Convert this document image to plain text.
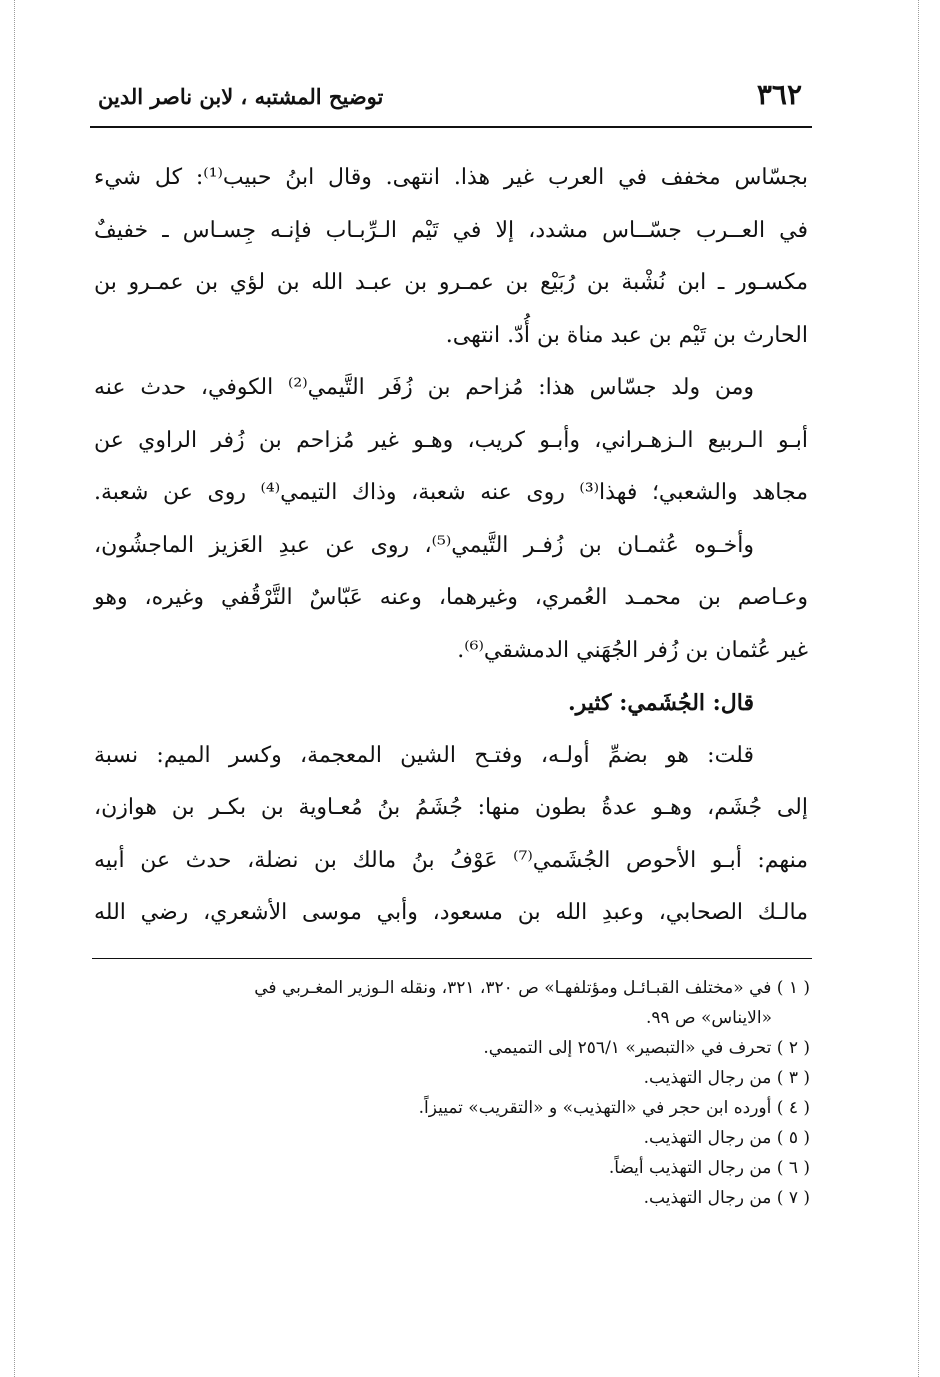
٣٦٢
توضيح المشتبه ، لابن ناصر الدين
بجسّاس مخفف في العرب غير هذا. انتهى. وقال ابنُ حبيب⁽¹⁾: كل شيء
في العــرب جسّــاس مشدد، إلا في تَيْم الـرِّبـاب فإنـه جِسـاس ـ خفيفٌ
مكسـور ـ ابن نُشْبة بن رُبَيْع بن عمـرو بن عبـد الله بن لؤي بن عمـرو بن
الحارث بن تَيْم بن عبد مناة بن أُدّ. انتهى.
ومن ولد جسّاس هذا: مُزاحم بن زُفَر التَّيمي⁽²⁾ الكوفي، حدث عنه
أبـو الـربيع الـزهـراني، وأبـو كريب، وهـو غير مُزاحم بن زُفر الراوي عن
مجاهد والشعبي؛ فهذا⁽³⁾ روى عنه شعبة، وذاك التيمي⁽⁴⁾ روى عن شعبة.
وأخـوه عُثمـان بن زُفـر التَّيمي⁽⁵⁾، روى عن عبدِ العَزيز الماجشُون،
وعـاصم بن محمـد العُمري، وغيرهما، وعنه عَبّاسٌ التَّرْقُفي وغيره، وهو
غير عُثمان بن زُفر الجُهَني الدمشقي⁽⁶⁾.
قال: الجُشَمي: كثير.
قلت: هو بضمِّ أولـه، وفتـح الشين المعجمة، وكسر الميم: نسبة
إلى جُشَم، وهـو عدةُ بطون منها: جُشَمُ بنُ مُعـاوية بن بكـر بن هوازن،
منهم: أبـو الأحوص الجُشَمي⁽⁷⁾ عَوْفُ بنُ مالك بن نضلة، حدث عن أبيه
مالـك الصحابي، وعبدِ الله بن مسعود، وأبي موسى الأشعري، رضي الله
( ١ ) في «مختلف القبـائـل ومؤتلفهـا» ص ٣٢٠، ٣٢١، ونقله الـوزير المغـربي في
«الايناس» ص ٩٩.
( ٢ ) تحرف في «التبصير» ٢٥٦/١ إلى التميمي.
( ٣ ) من رجال التهذيب.
( ٤ ) أورده ابن حجر في «التهذيب» و «التقريب» تمييزاً.
( ٥ ) من رجال التهذيب.
( ٦ ) من رجال التهذيب أيضاً.
( ٧ ) من رجال التهذيب.
